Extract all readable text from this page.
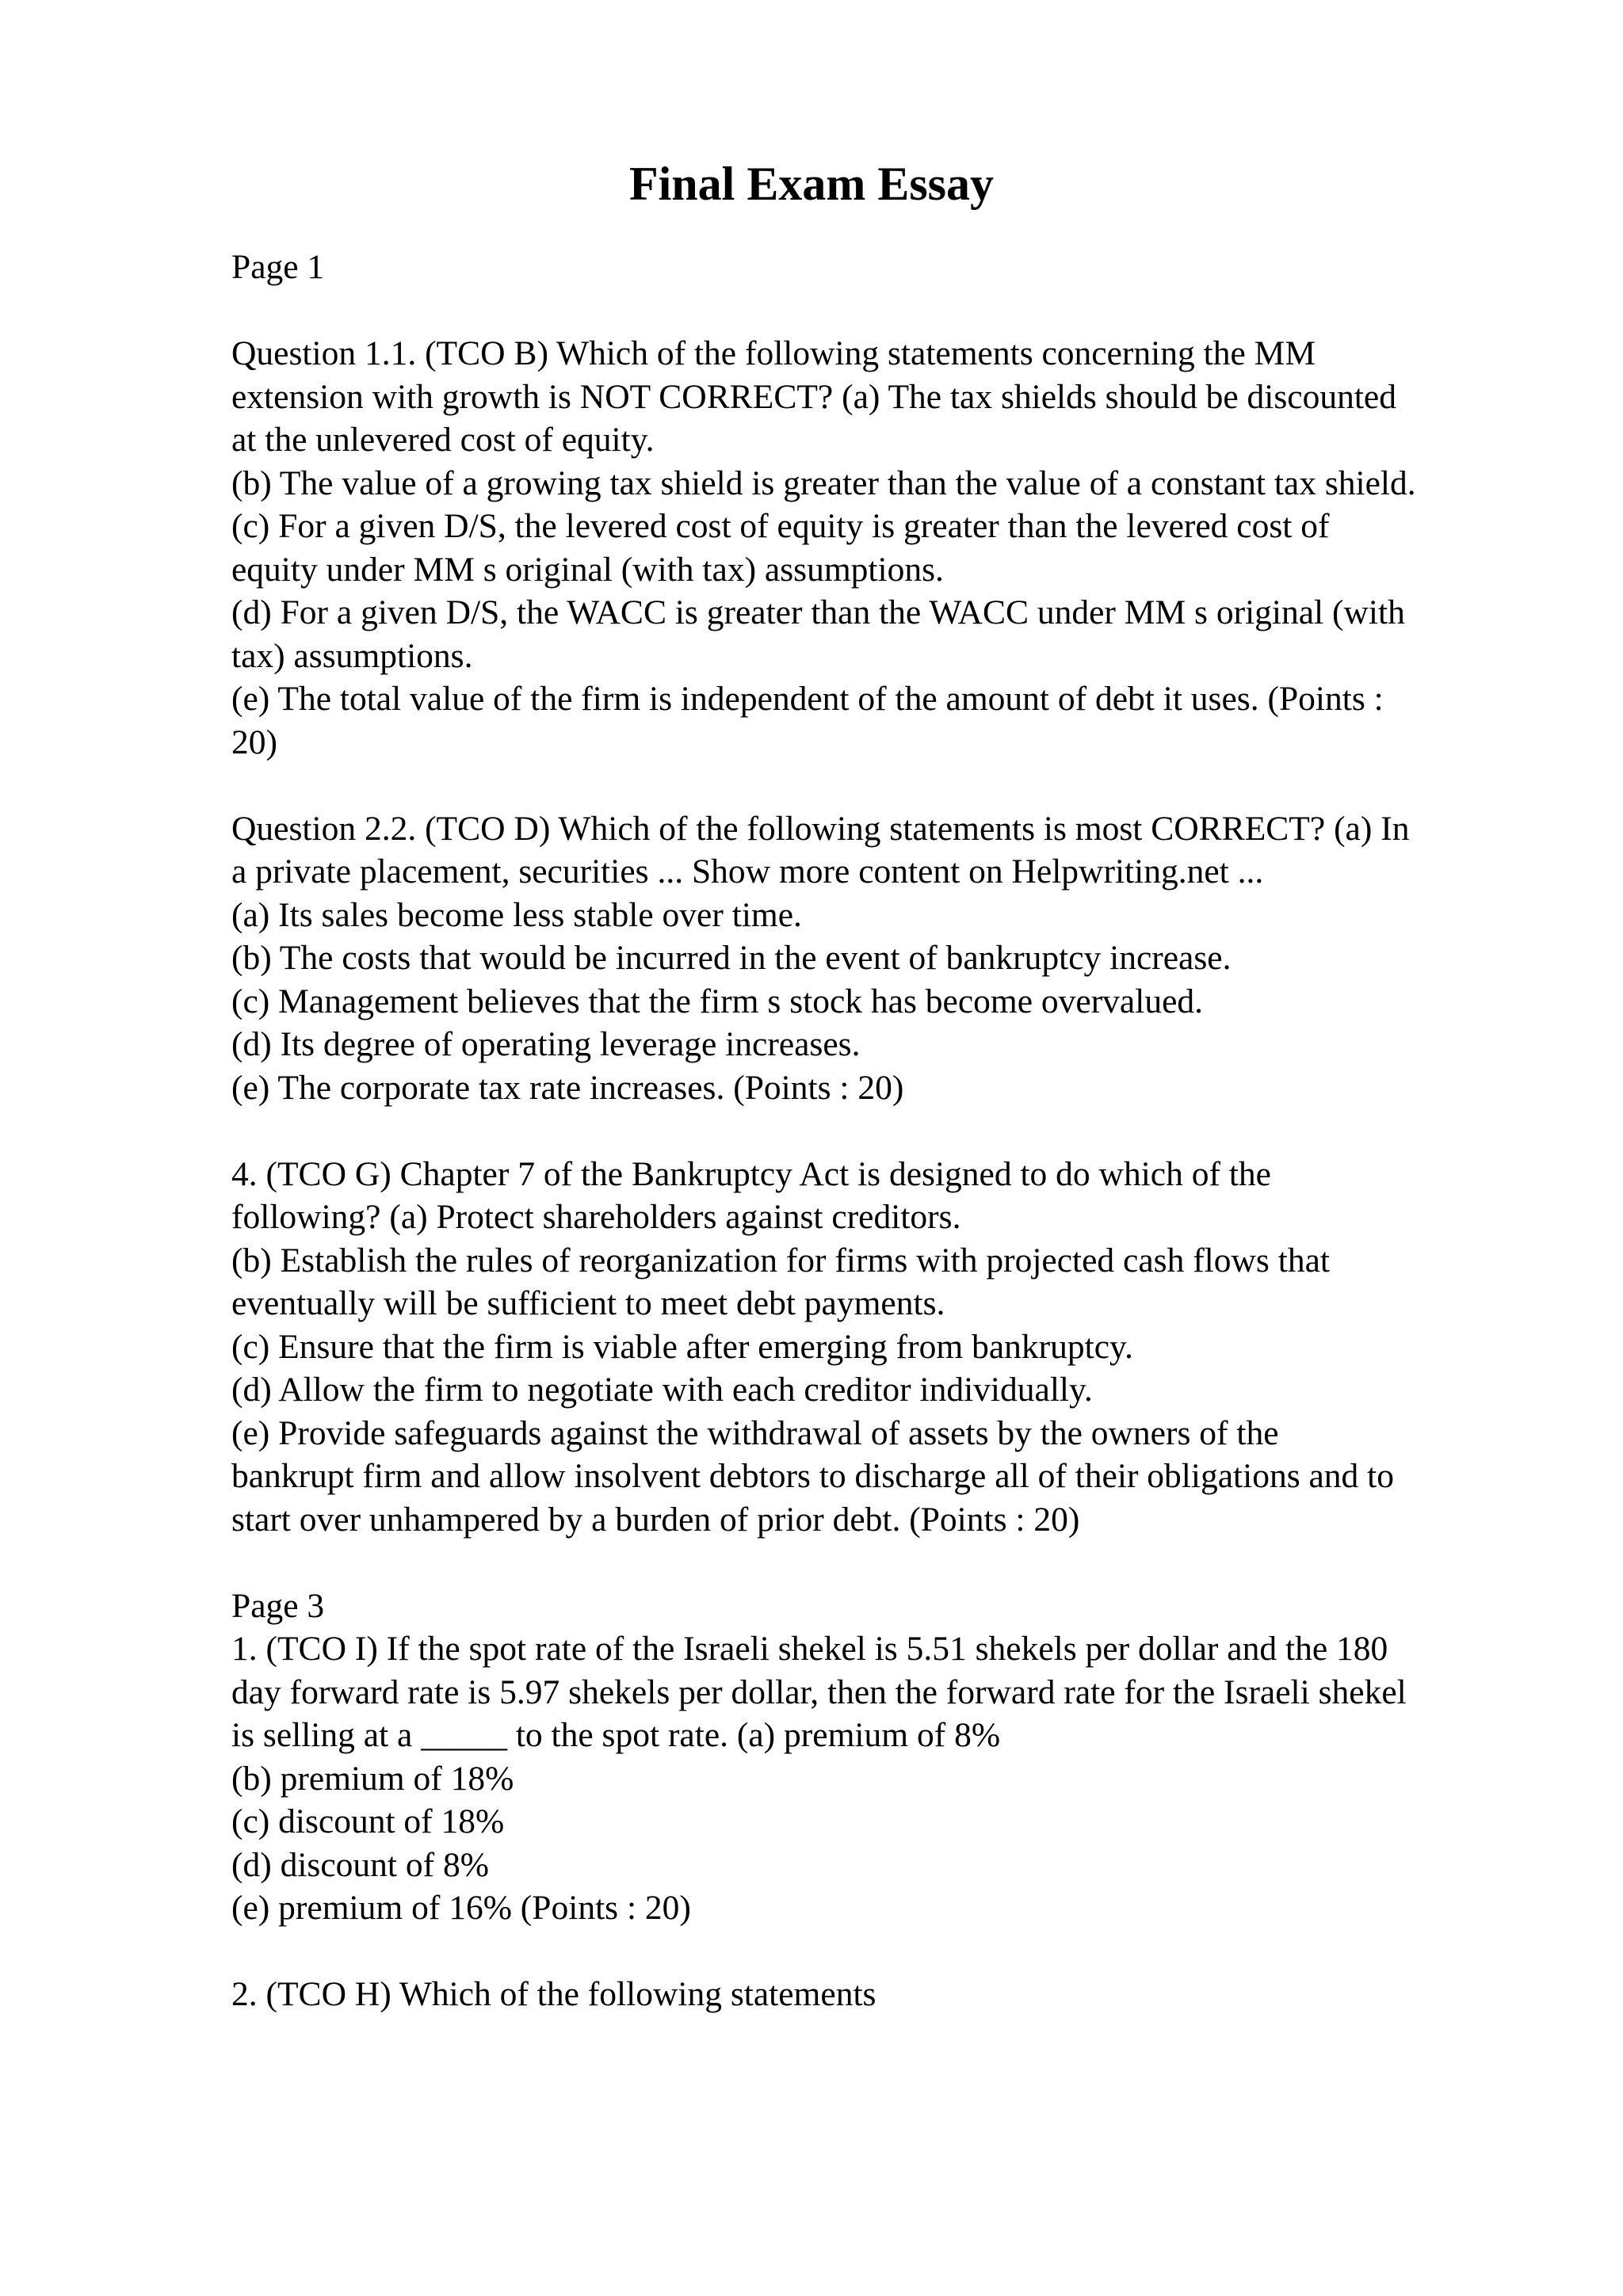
Final Exam Essay
Page 1
Question 1.1. (TCO B) Which of the following statements concerning the MM
extension with growth is NOT CORRECT? (a) The tax shields should be discounted
at the unlevered cost of equity.
(b) The value of a growing tax shield is greater than the value of a constant tax shield.
(c) For a given D/S, the levered cost of equity is greater than the levered cost of
equity under MM s original (with tax) assumptions.
(d) For a given D/S, the WACC is greater than the WACC under MM s original (with
tax) assumptions.
(e) The total value of the firm is independent of the amount of debt it uses. (Points :
20)
Question 2.2. (TCO D) Which of the following statements is most CORRECT? (a) In
a private placement, securities ... Show more content on Helpwriting.net ...
(a) Its sales become less stable over time.
(b) The costs that would be incurred in the event of bankruptcy increase.
(c) Management believes that the firm s stock has become overvalued.
(d) Its degree of operating leverage increases.
(e) The corporate tax rate increases. (Points : 20)
4. (TCO G) Chapter 7 of the Bankruptcy Act is designed to do which of the
following? (a) Protect shareholders against creditors.
(b) Establish the rules of reorganization for firms with projected cash flows that
eventually will be sufficient to meet debt payments.
(c) Ensure that the firm is viable after emerging from bankruptcy.
(d) Allow the firm to negotiate with each creditor individually.
(e) Provide safeguards against the withdrawal of assets by the owners of the
bankrupt firm and allow insolvent debtors to discharge all of their obligations and to
start over unhampered by a burden of prior debt. (Points : 20)
Page 3
1. (TCO I) If the spot rate of the Israeli shekel is 5.51 shekels per dollar and the 180
day forward rate is 5.97 shekels per dollar, then the forward rate for the Israeli shekel
is selling at a _____ to the spot rate. (a) premium of 8%
(b) premium of 18%
(c) discount of 18%
(d) discount of 8%
(e) premium of 16% (Points : 20)
2. (TCO H) Which of the following statements
